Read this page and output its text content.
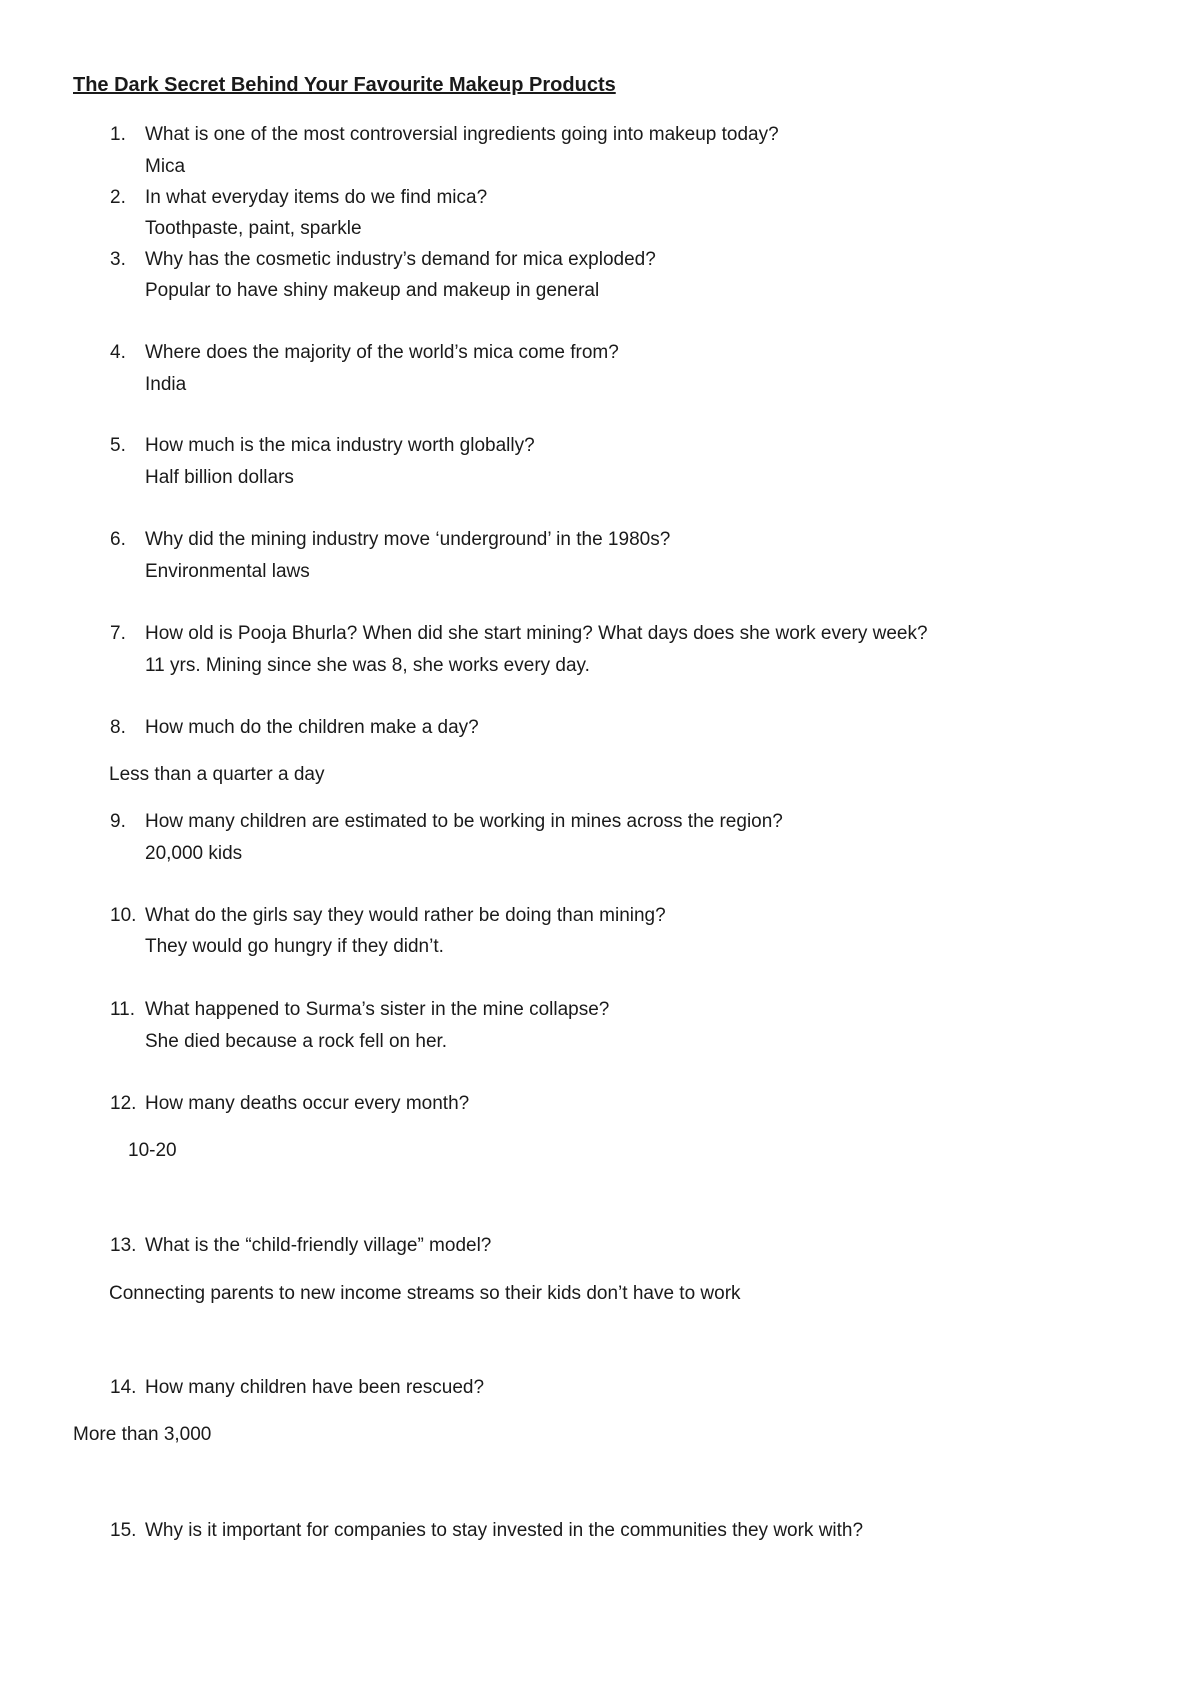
The Dark Secret Behind Your Favourite Makeup Products
1. What is one of the most controversial ingredients going into makeup today?
Mica
2. In what everyday items do we find mica?
Toothpaste, paint, sparkle
3. Why has the cosmetic industry’s demand for mica exploded?
Popular to have shiny makeup and makeup in general
4. Where does the majority of the world’s mica come from?
India
5. How much is the mica industry worth globally?
Half billion dollars
6. Why did the mining industry move ‘underground’ in the 1980s?
Environmental laws
7. How old is Pooja Bhurla? When did she start mining? What days does she work every week?
11 yrs. Mining since she was 8, she works every day.
8. How much do the children make a day?
Less than a quarter a day
9. How many children are estimated to be working in mines across the region?
20,000 kids
10. What do the girls say they would rather be doing than mining?
They would go hungry if they didn’t.
11. What happened to Surma’s sister in the mine collapse?
She died because a rock fell on her.
12. How many deaths occur every month?
10-20
13. What is the “child-friendly village” model?
Connecting parents to new income streams so their kids don’t have to work
14. How many children have been rescued?
More than 3,000
15. Why is it important for companies to stay invested in the communities they work with?
